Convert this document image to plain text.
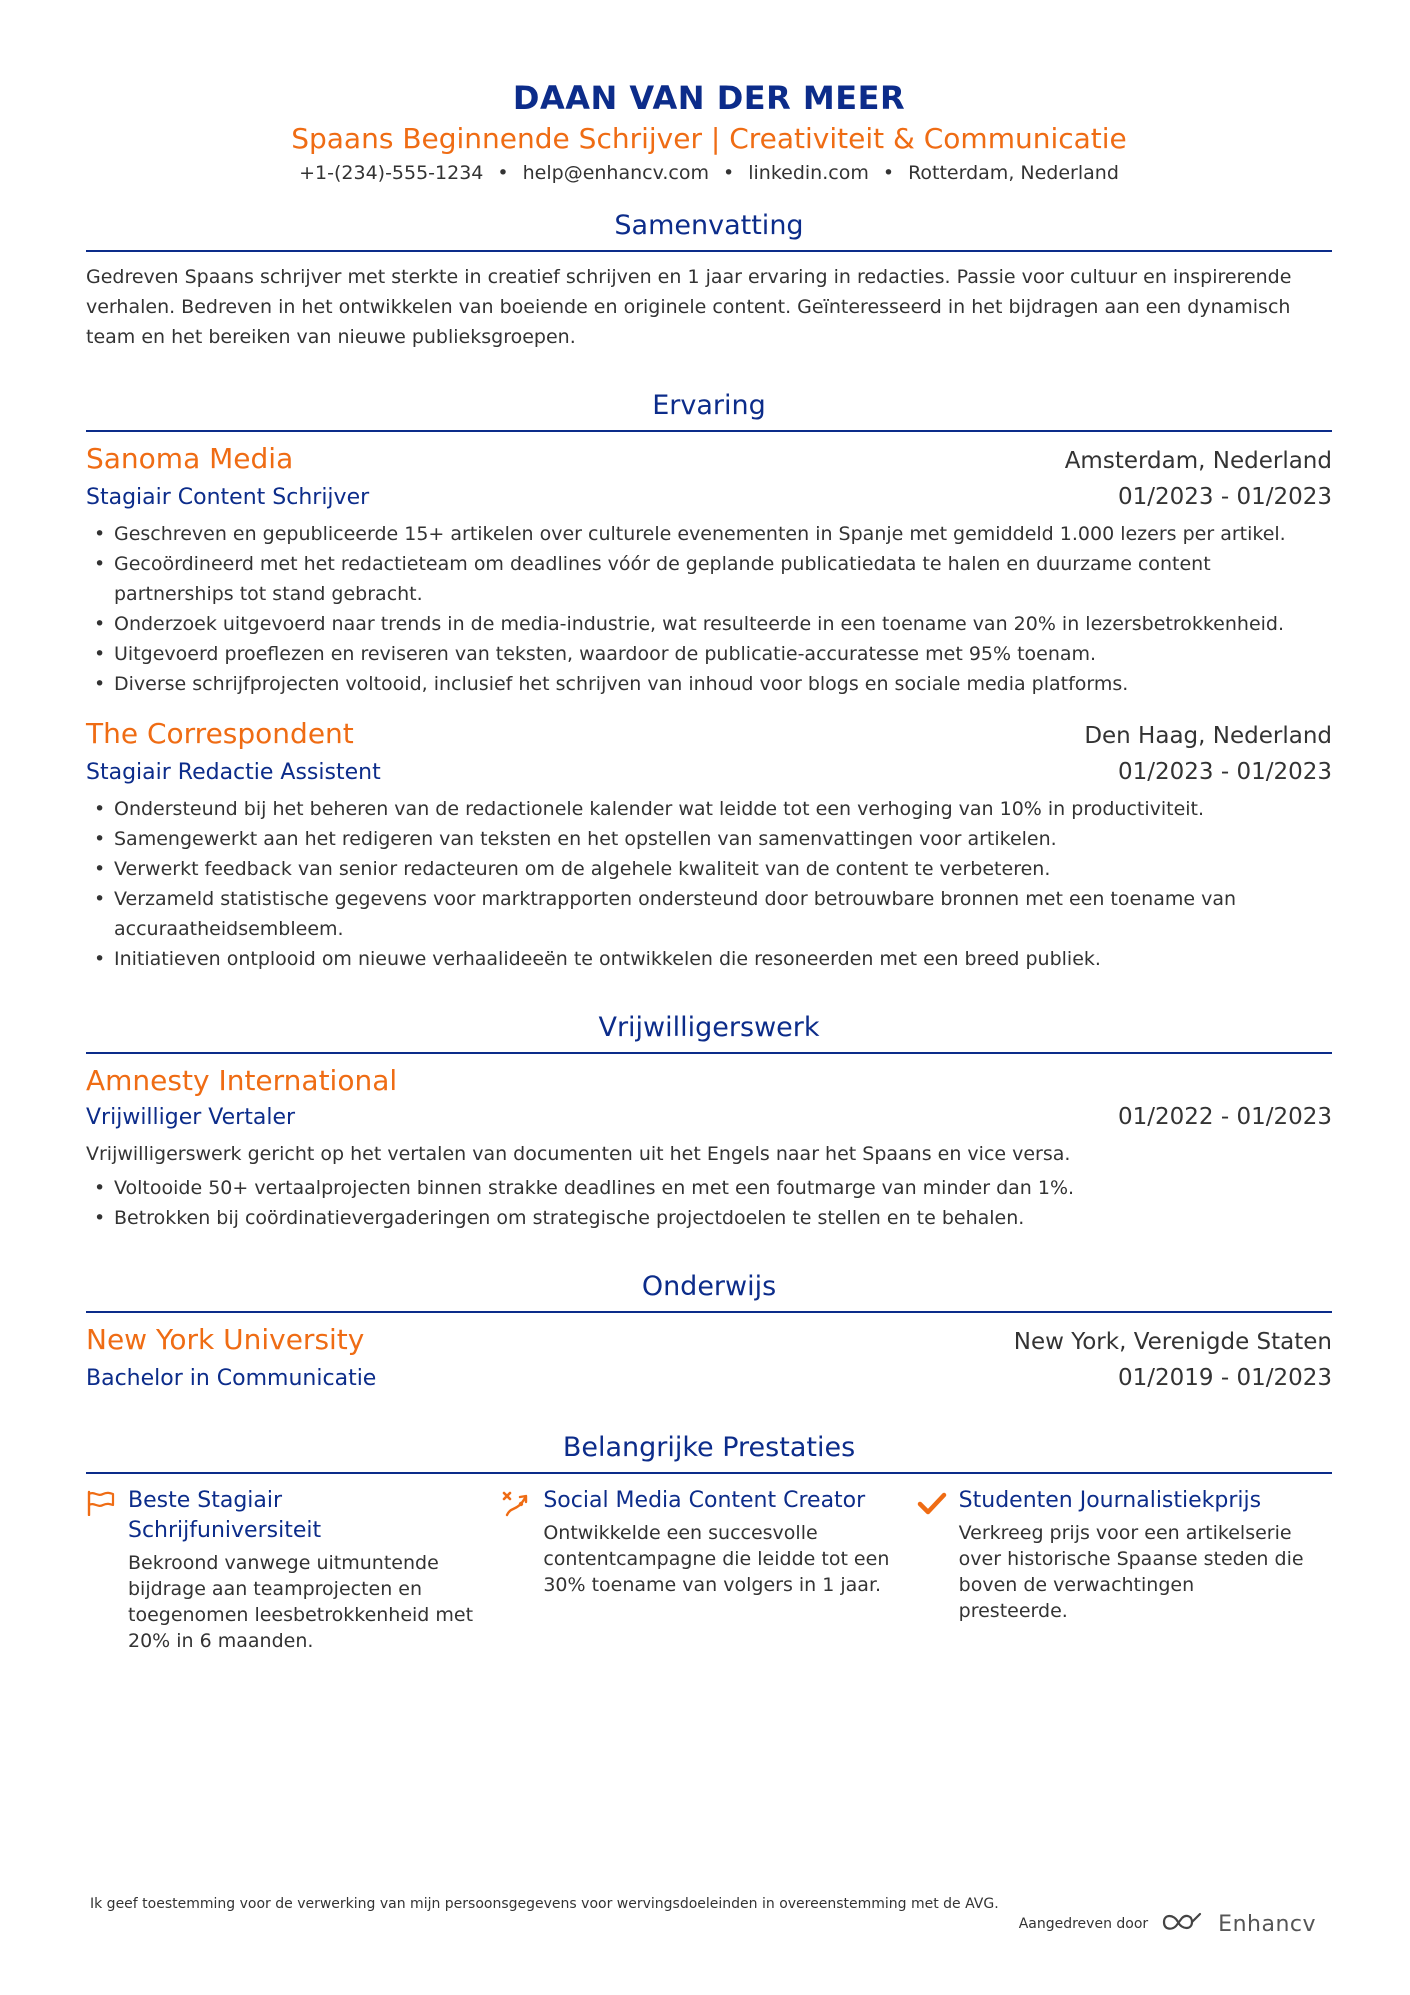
DAAN VAN DER MEER
Spaans Beginnende Schrijver | Creativiteit & Communicatie
+1-(234)-555-1234 • help@enhancv.com • linkedin.com • Rotterdam, Nederland
Samenvatting
Gedreven Spaans schrijver met sterkte in creatief schrijven en 1 jaar ervaring in redacties. Passie voor cultuur en inspirerende verhalen. Bedreven in het ontwikkelen van boeiende en originele content. Geïnteresseerd in het bijdragen aan een dynamisch team en het bereiken van nieuwe publieksgroepen.
Ervaring
Sanoma Media	Amsterdam, Nederland
Stagiair Content Schrijver	01/2023 - 01/2023
• Geschreven en gepubliceerde 15+ artikelen over culturele evenementen in Spanje met gemiddeld 1.000 lezers per artikel.
• Gecoördineerd met het redactieteam om deadlines vóór de geplande publicatiedata te halen en duurzame content partnerships tot stand gebracht.
• Onderzoek uitgevoerd naar trends in de media-industrie, wat resulteerde in een toename van 20% in lezersbetrokkenheid.
• Uitgevoerd proeflezen en reviseren van teksten, waardoor de publicatie-accuratesse met 95% toenam.
• Diverse schrijfprojecten voltooid, inclusief het schrijven van inhoud voor blogs en sociale media platforms.
The Correspondent	Den Haag, Nederland
Stagiair Redactie Assistent	01/2023 - 01/2023
• Ondersteund bij het beheren van de redactionele kalender wat leidde tot een verhoging van 10% in productiviteit.
• Samengewerkt aan het redigeren van teksten en het opstellen van samenvattingen voor artikelen.
• Verwerkt feedback van senior redacteuren om de algehele kwaliteit van de content te verbeteren.
• Verzameld statistische gegevens voor marktrapporten ondersteund door betrouwbare bronnen met een toename van accuraatheidsembleem.
• Initiatieven ontplooid om nieuwe verhaalideeën te ontwikkelen die resoneerden met een breed publiek.
Vrijwilligerswerk
Amnesty International
Vrijwilliger Vertaler	01/2022 - 01/2023
Vrijwilligerswerk gericht op het vertalen van documenten uit het Engels naar het Spaans en vice versa.
• Voltooide 50+ vertaalprojecten binnen strakke deadlines en met een foutmarge van minder dan 1%.
• Betrokken bij coördinatievergaderingen om strategische projectdoelen te stellen en te behalen.
Onderwijs
New York University	New York, Verenigde Staten
Bachelor in Communicatie	01/2019 - 01/2023
Belangrijke Prestaties
Beste Stagiair Schrijfuniversiteit
Bekroond vanwege uitmuntende bijdrage aan teamprojecten en toegenomen leesbetrokkenheid met 20% in 6 maanden.
Social Media Content Creator
Ontwikkelde een succesvolle contentcampagne die leidde tot een 30% toename van volgers in 1 jaar.
Studenten Journalistiekprijs
Verkreeg prijs voor een artikelserie over historische Spaanse steden die boven de verwachtingen presteerde.
Ik geef toestemming voor de verwerking van mijn persoonsgegevens voor wervingsdoeleinden in overeenstemming met de AVG.
Aangedreven door	Enhancv
